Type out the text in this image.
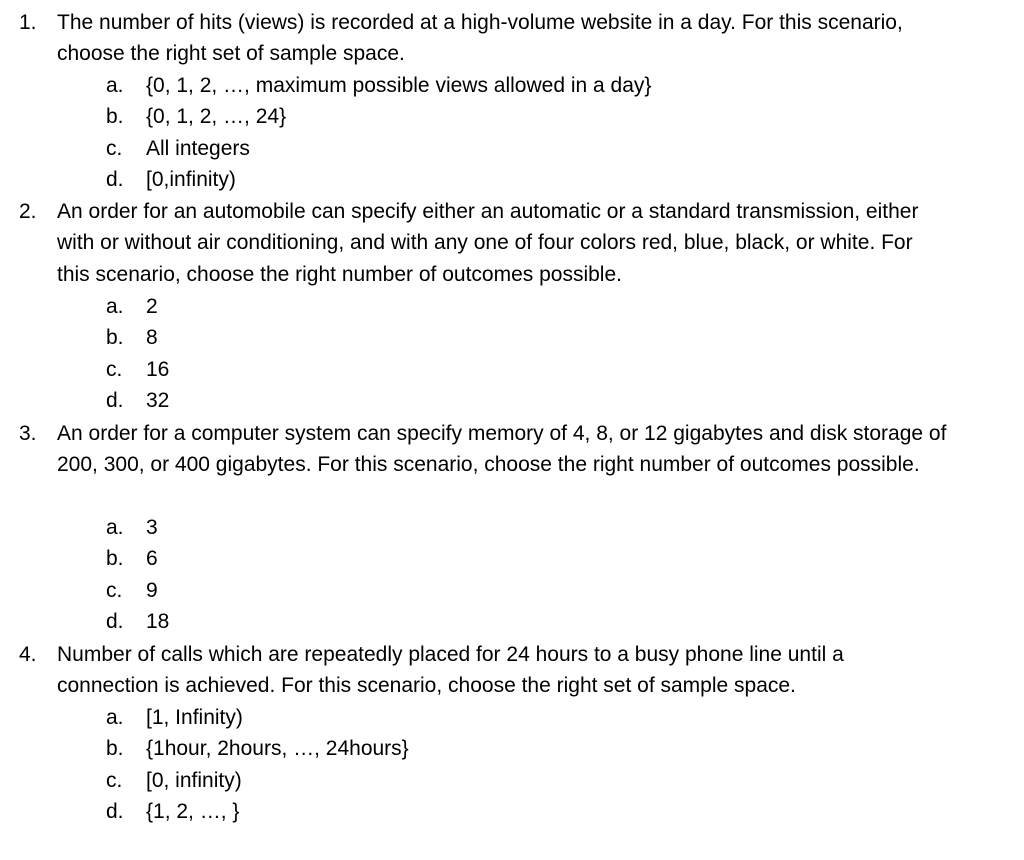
1. The number of hits (views) is recorded at a high-volume website in a day. For this scenario, choose the right set of sample space.
a. {0, 1, 2, …, maximum possible views allowed in a day}
b. {0, 1, 2, …, 24}
c. All integers
d. [0,infinity)
2. An order for an automobile can specify either an automatic or a standard transmission, either with or without air conditioning, and with any one of four colors red, blue, black, or white. For this scenario, choose the right number of outcomes possible.
a. 2
b. 8
c. 16
d. 32
3. An order for a computer system can specify memory of 4, 8, or 12 gigabytes and disk storage of 200, 300, or 400 gigabytes. For this scenario, choose the right number of outcomes possible.
a. 3
b. 6
c. 9
d. 18
4. Number of calls which are repeatedly placed for 24 hours to a busy phone line until a connection is achieved. For this scenario, choose the right set of sample space.
a. [1, Infinity)
b. {1hour, 2hours, …, 24hours}
c. [0, infinity)
d. {1, 2, …, }
